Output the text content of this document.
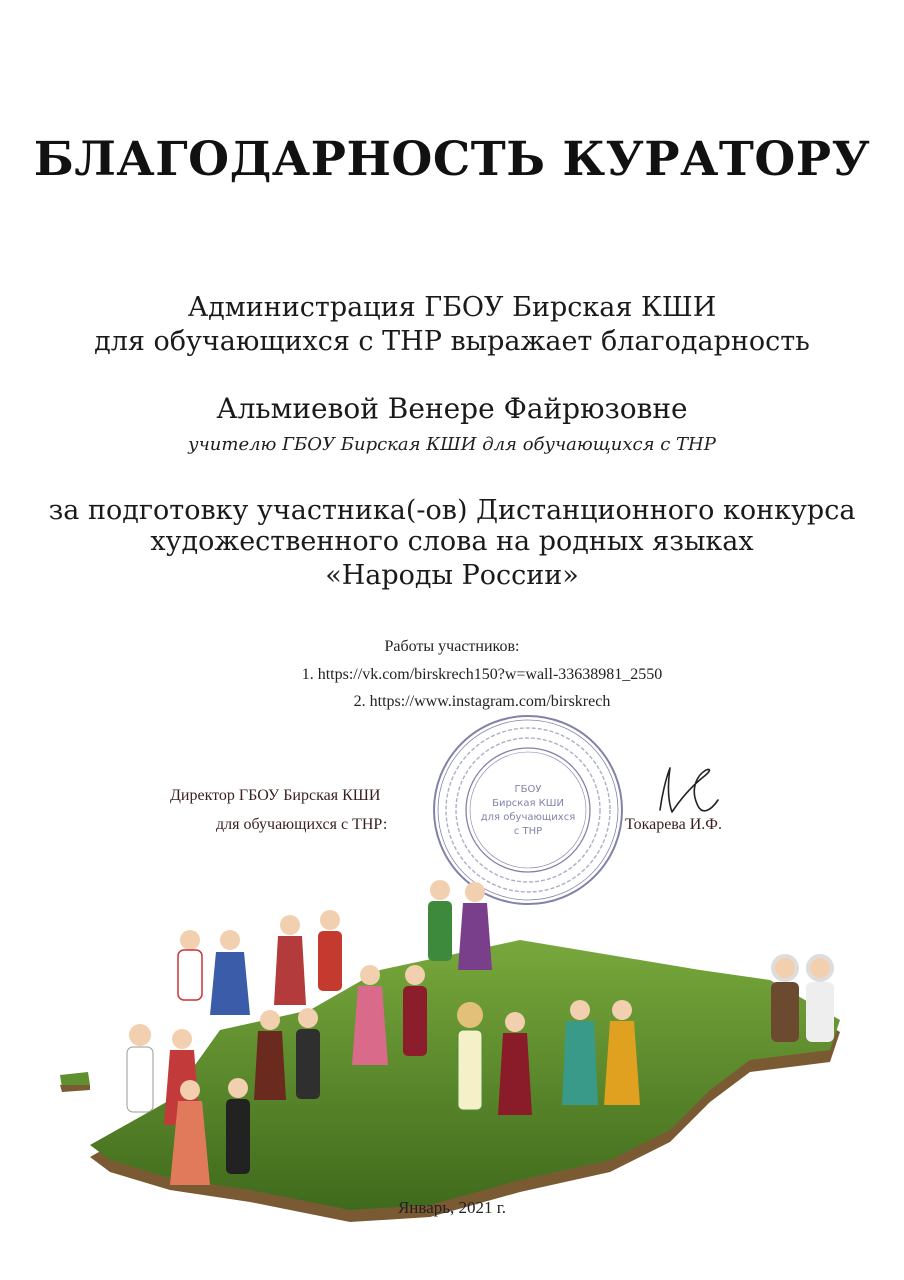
БЛАГОДАРНОСТЬ КУРАТОРУ
Администрация ГБОУ Бирская КШИ
для обучающихся с ТНР выражает благодарность
Альмиевой Венере Файрюзовне
учителю ГБОУ Бирская КШИ для обучающихся с ТНР
за подготовку участника(-ов) Дистанционного конкурса
художественного слова на родных языках
«Народы России»
Работы участников:
1. https://vk.com/birskrech150?w=wall-33638981_2550
2. https://www.instagram.com/birskrech
Директор ГБОУ Бирская КШИ
для обучающихся с ТНР:	Токарева И.Ф.
ГБОУ
Бирская КШИ
для обучающихся
с ТНР
Январь, 2021 г.
